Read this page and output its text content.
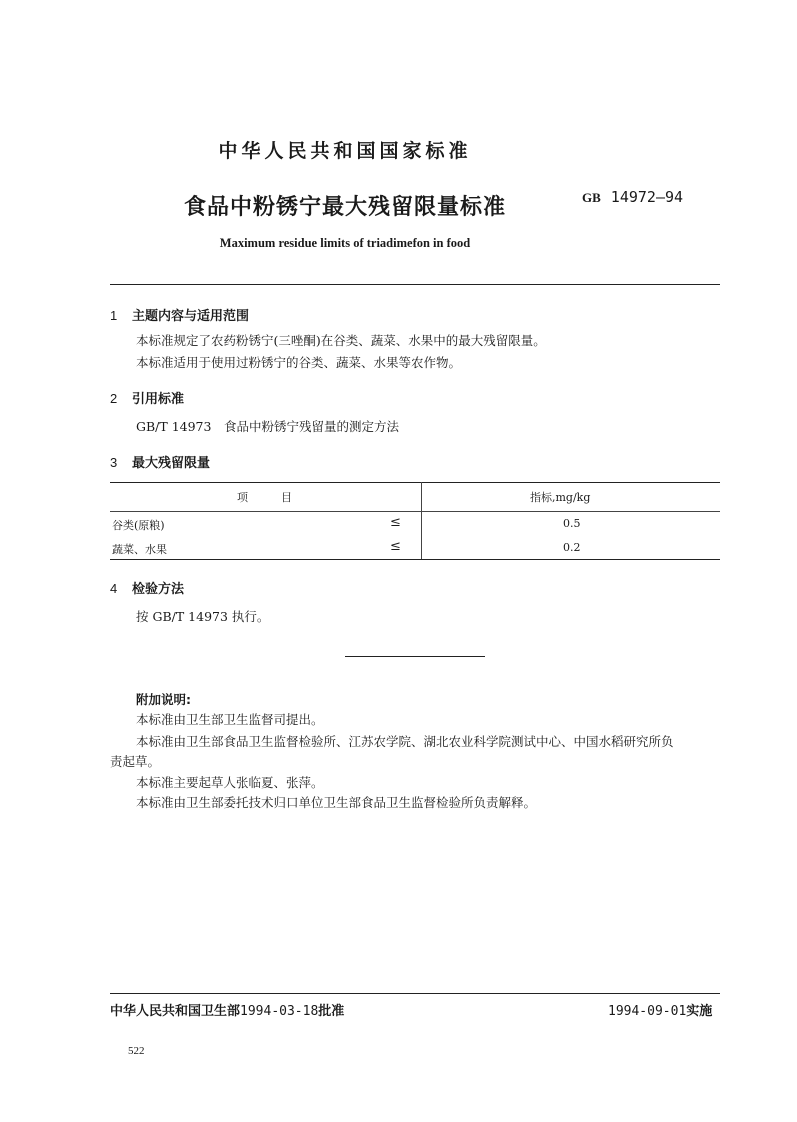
中华人民共和国国家标准
食品中粉锈宁最大残留限量标准	GB 14972—94
Maximum residue limits of triadimefon in food
1 主题内容与适用范围
本标准规定了农药粉锈宁(三唑酮)在谷类、蔬菜、水果中的最大残留限量。
本标准适用于使用过粉锈宁的谷类、蔬菜、水果等农作物。
2 引用标准
GB/T 14973　食品中粉锈宁残留量的测定方法
3 最大残留限量
项　　　目	指标,mg/kg
谷类(原粮)	≤	0.5
蔬菜、水果	≤	0.2
4 检验方法
按 GB/T 14973 执行。
附加说明:
本标准由卫生部卫生监督司提出。
本标准由卫生部食品卫生监督检验所、江苏农学院、湖北农业科学院测试中心、中国水稻研究所负
责起草。
本标准主要起草人张临夏、张萍。
本标准由卫生部委托技术归口单位卫生部食品卫生监督检验所负责解释。
中华人民共和国卫生部1994-03-18批准	1994-09-01实施
522
